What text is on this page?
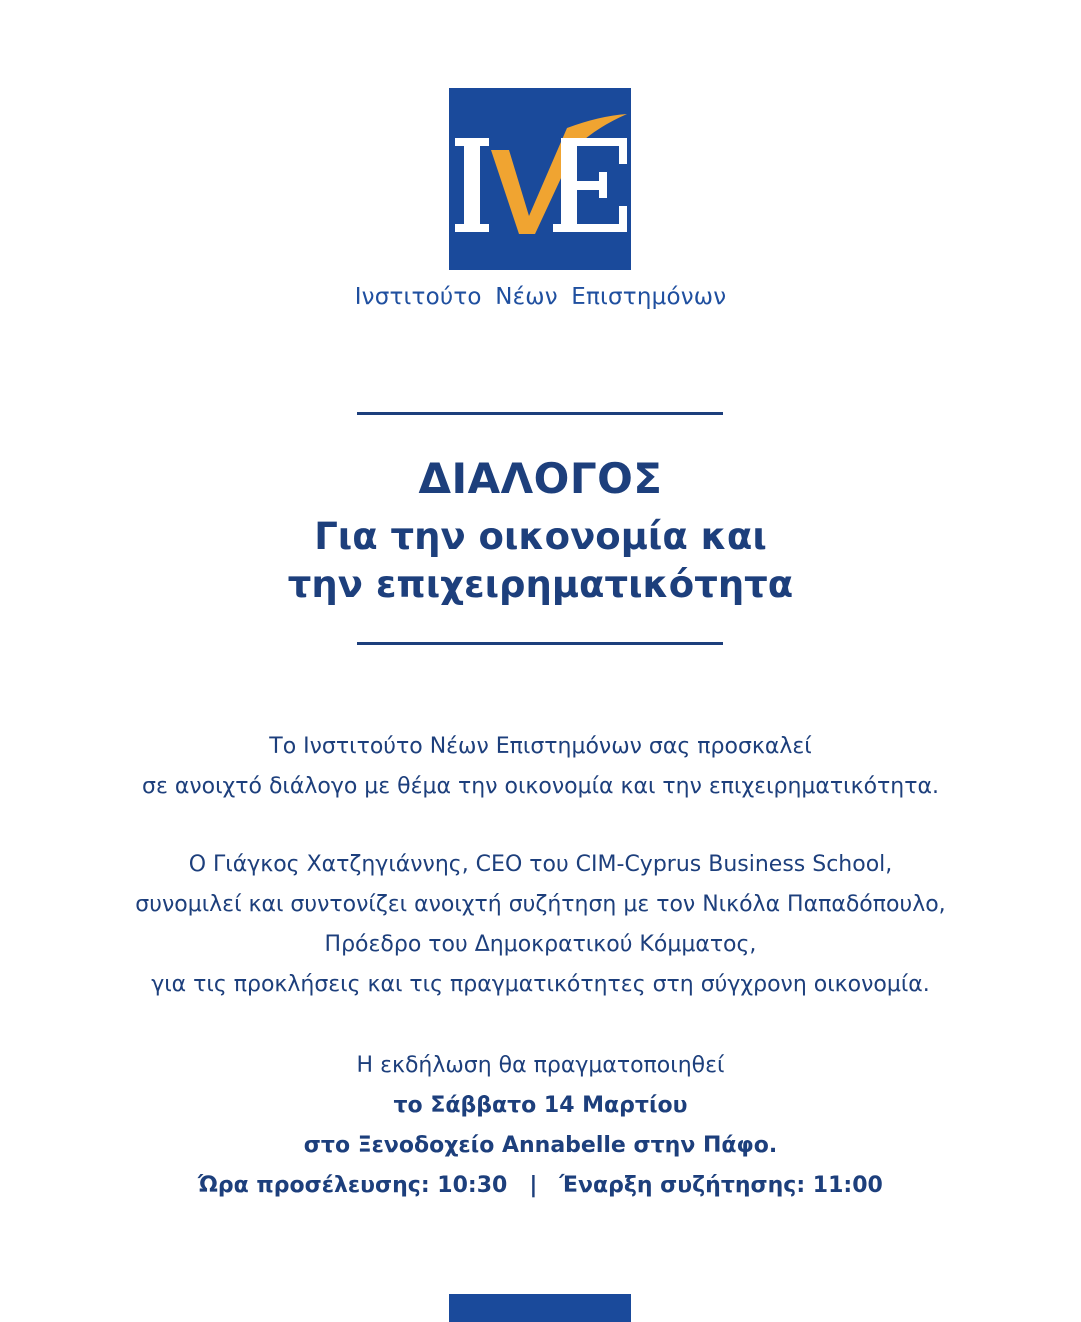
Ινστιτούτο Νέων Επιστημόνων
ΔΙΑΛΟΓΟΣ
Για την οικονομία και
την επιχειρηματικότητα

Το Ινστιτούτο Νέων Επιστημόνων σας προσκαλεί

σε ανοιχτό διάλογο με θέμα την οικονομία και την επιχειρηματικότητα.

Ο Γιάγκος Χατζηγιάννης, CEO του CIM-Cyprus Business School,

συνομιλεί και συντονίζει ανοιχτή συζήτηση με τον Νικόλα Παπαδόπουλο,

Πρόεδρο του Δημοκρατικού Κόμματος,

για τις προκλήσεις και τις πραγματικότητες στη σύγχρονη οικονομία.

Η εκδήλωση θα πραγματοποιηθεί

το Σάββατο 14 Μαρτίου

στο Ξενοδοχείο Annabelle στην Πάφο.

Ώρα προσέλευσης: 10:30 | Έναρξη συζήτησης: 11:00
